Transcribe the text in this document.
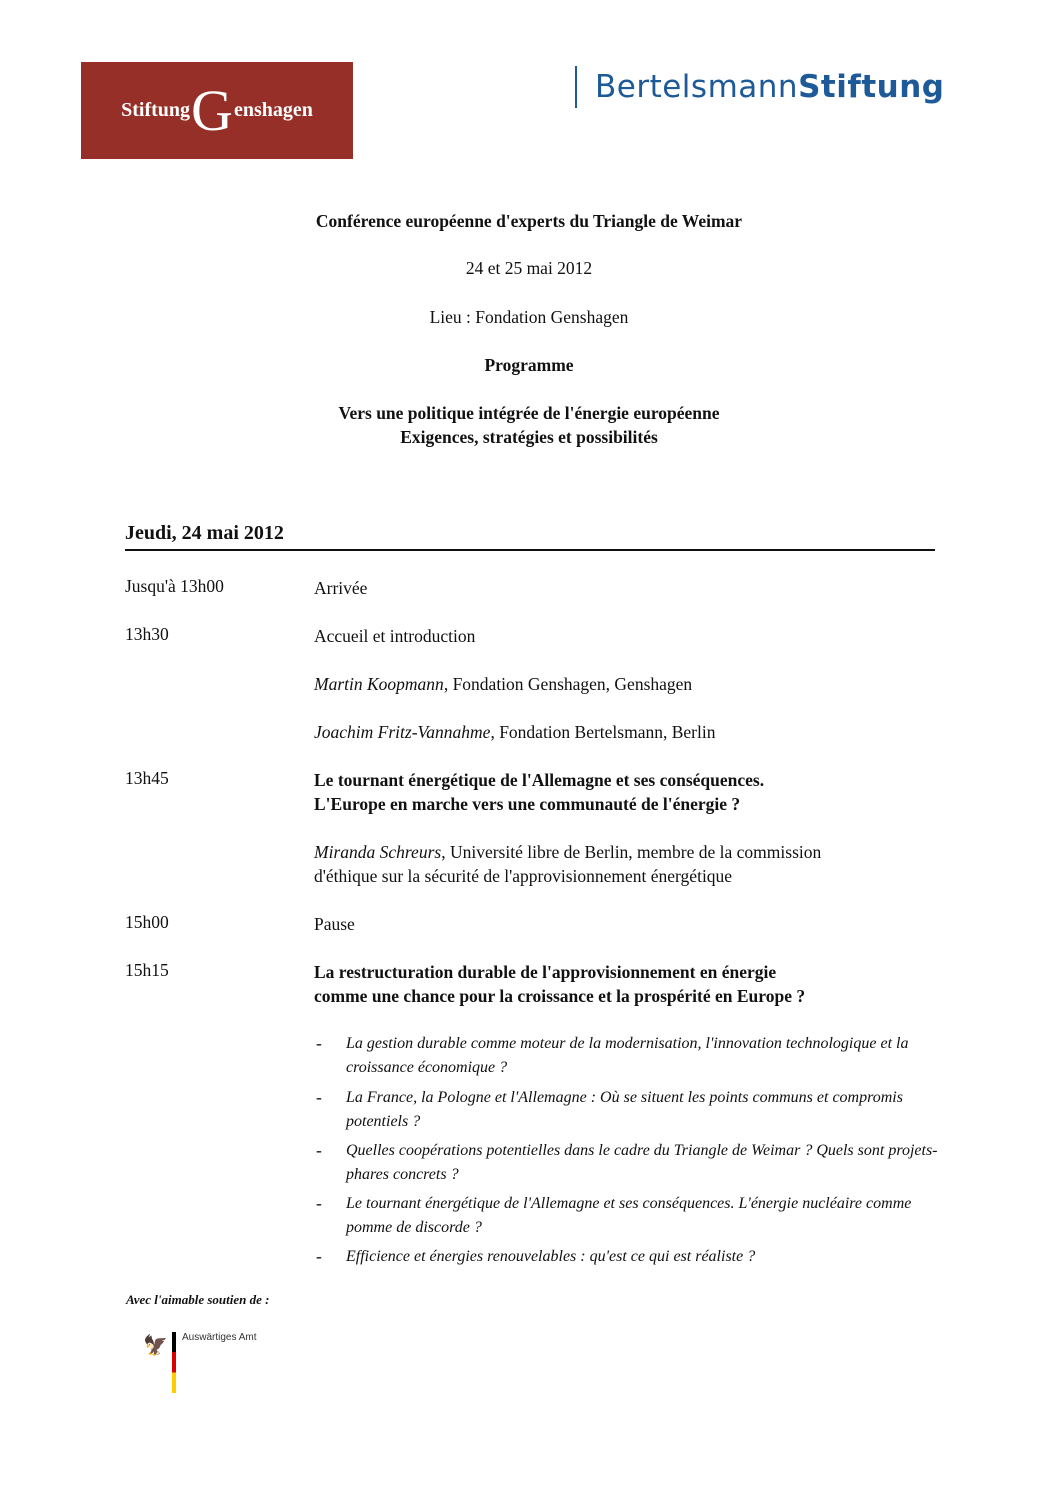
Stiftung G enshagen
BertelsmannStiftung
Conférence européenne d'experts du Triangle de Weimar
24 et 25 mai 2012
Lieu : Fondation Genshagen
Programme
Vers une politique intégrée de l'énergie européenne
Exigences, stratégies et possibilités
Jeudi, 24 mai 2012
Jusqu'à 13h00	Arrivée
13h30	Accueil et introduction
Martin Koopmann, Fondation Genshagen, Genshagen
Joachim Fritz-Vannahme, Fondation Bertelsmann, Berlin
13h45	Le tournant énergétique de l'Allemagne et ses conséquences.
L'Europe en marche vers une communauté de l'énergie ?
Miranda Schreurs, Université libre de Berlin, membre de la commission
d'éthique sur la sécurité de l'approvisionnement énergétique
15h00	Pause
15h15	La restructuration durable de l'approvisionnement en énergie
comme une chance pour la croissance et la prospérité en Europe ?
- La gestion durable comme moteur de la modernisation, l'innovation technologique et la croissance économique ?
- La France, la Pologne et l'Allemagne : Où se situent les points communs et compromis potentiels ?
- Quelles coopérations potentielles dans le cadre du Triangle de Weimar ? Quels sont projets-phares concrets ?
- Le tournant énergétique de l'Allemagne et ses conséquences. L'énergie nucléaire comme pomme de discorde ?
- Efficience et énergies renouvelables : qu'est ce qui est réaliste ?
Avec l'aimable soutien de :
🦅 Auswärtiges Amt
